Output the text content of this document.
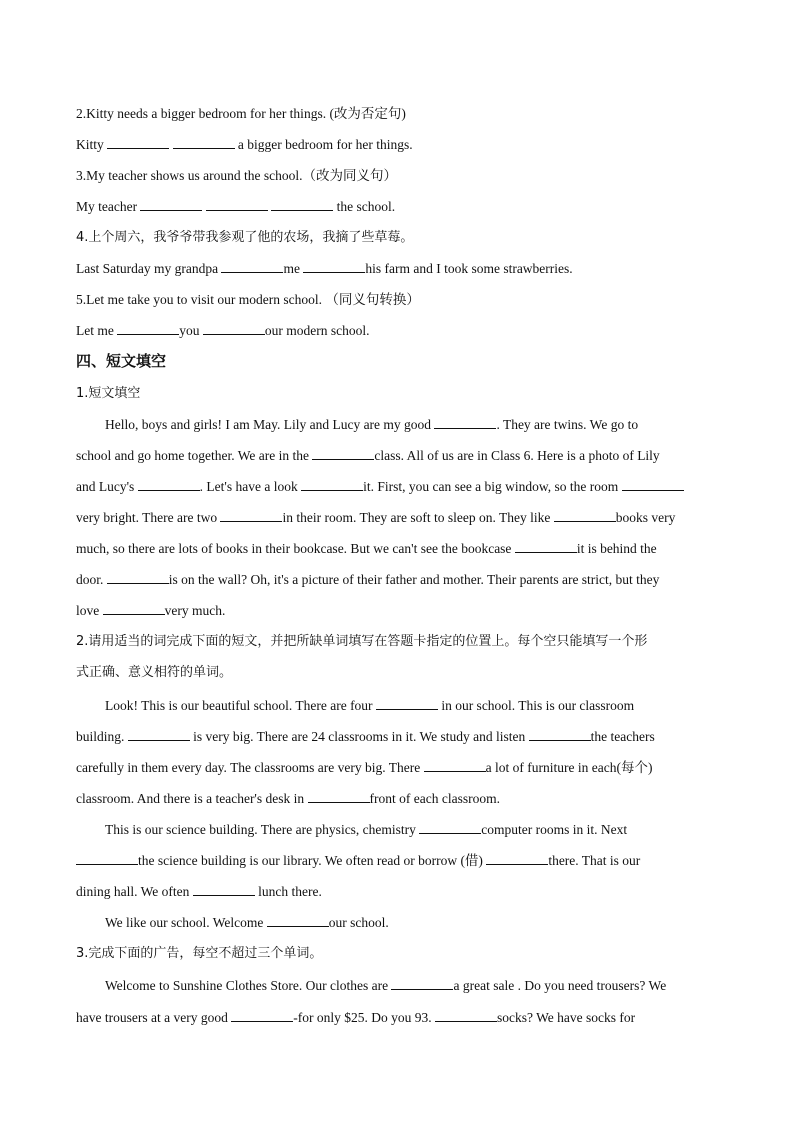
2.Kitty needs a bigger bedroom for her things. (改为否定句)
Kitty	a bigger bedroom for her things.
3.My teacher shows us around the school.（改为同义句）
My teacher	the school.
4.上个周六，我爷爷带我参观了他的农场，我摘了些草莓。
Last Saturday my grandpa	me	his farm and I took some strawberries.
5.Let me take you to visit our modern school. （同义句转换）
Let me	you	our modern school.
四、短文填空
1.短文填空
Hello, boys and girls! I am May. Lily and Lucy are my good	. They are twins. We go to
school and go home together. We are in the	class. All of us are in Class 6. Here is a photo of Lily
and Lucy's	. Let's have a look	it. First, you can see a big window, so the room
very bright. There are two	in their room. They are soft to sleep on. They like	books very
much, so there are lots of books in their bookcase. But we can't see the bookcase	it is behind the
door.	is on the wall? Oh, it's a picture of their father and mother. Their parents are strict, but they
love	very much.
2.请用适当的词完成下面的短文，并把所缺单词填写在答题卡指定的位置上。每个空只能填写一个形
式正确、意义相符的单词。
Look! This is our beautiful school. There are four	in our school. This is our classroom
building.	is very big. There are 24 classrooms in it. We study and listen	the teachers
carefully in them every day. The classrooms are very big. There	a lot of furniture in each(每个)
classroom. And there is a teacher's desk in	front of each classroom.
This is our science building. There are physics, chemistry	computer rooms in it. Next
the science building is our library. We often read or borrow (借)	there. That is our
dining hall. We often	lunch there.
We like our school. Welcome	our school.
3.完成下面的广告，每空不超过三个单词。
Welcome to Sunshine Clothes Store. Our clothes are	a great sale . Do you need trousers? We
have trousers at a very good	-for only $25. Do you 93.	socks? We have socks for
